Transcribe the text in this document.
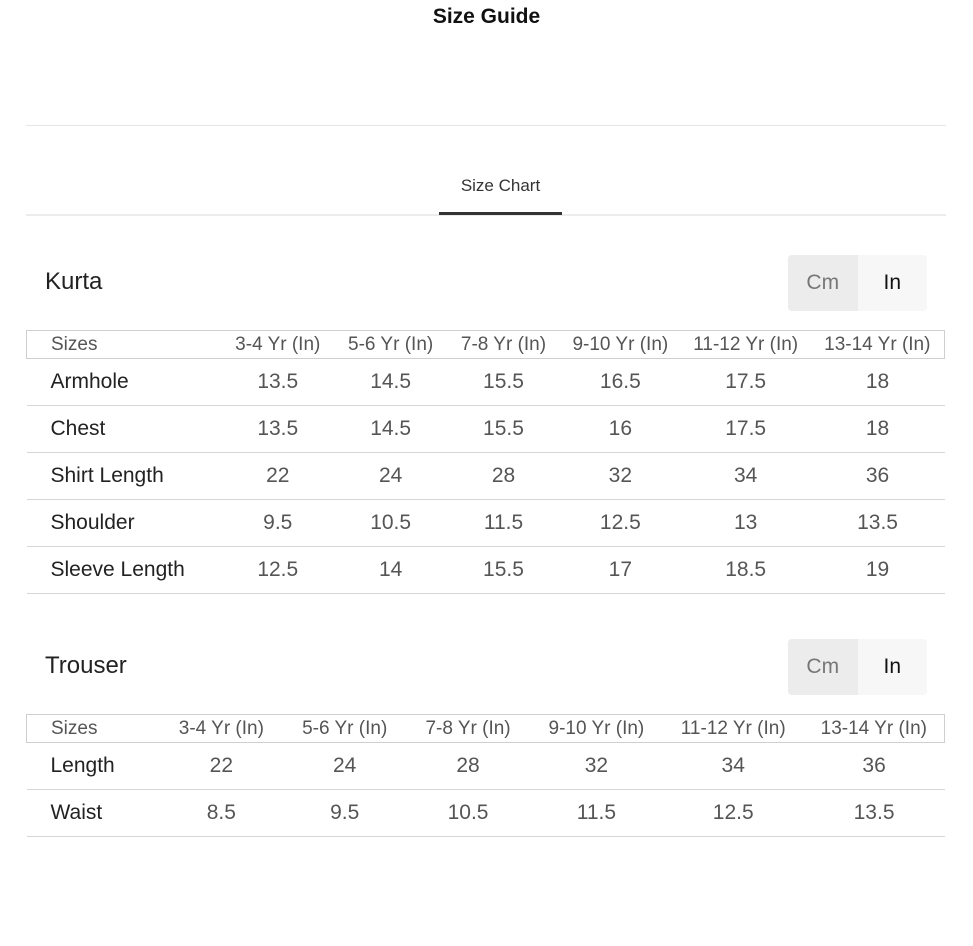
Size Guide
Size Chart
Kurta	Cm	In
Sizes	3-4 Yr (In)	5-6 Yr (In)	7-8 Yr (In)	9-10 Yr (In)	11-12 Yr (In)	13-14 Yr (In)
Armhole	13.5	14.5	15.5	16.5	17.5	18
Chest	13.5	14.5	15.5	16	17.5	18
Shirt Length	22	24	28	32	34	36
Shoulder	9.5	10.5	11.5	12.5	13	13.5
Sleeve Length	12.5	14	15.5	17	18.5	19
Trouser	Cm	In
Sizes	3-4 Yr (In)	5-6 Yr (In)	7-8 Yr (In)	9-10 Yr (In)	11-12 Yr (In)	13-14 Yr (In)
Length	22	24	28	32	34	36
Waist	8.5	9.5	10.5	11.5	12.5	13.5
